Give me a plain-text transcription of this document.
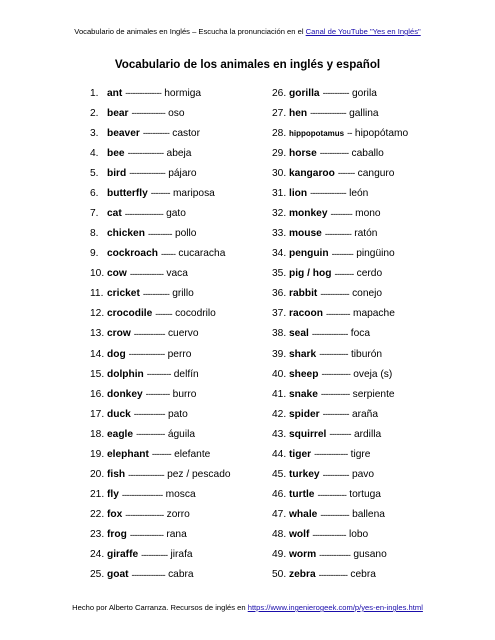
Vocabulario de animales en Inglés – Escucha la pronunciación en el Canal de YouTube "Yes en Inglés"
Vocabulario de los animales en inglés y español
1. ant --------------- hormiga
2. bear -------------- oso
3. beaver ----------- castor
4. bee --------------- abeja
5. bird --------------- pájaro
6. butterfly -------- mariposa
7. cat ---------------- gato
8. chicken ---------- pollo
9. cockroach ------ cucaracha
10. cow -------------- vaca
11. cricket ----------- grillo
12. crocodile ------- cocodrilo
13. crow ------------- cuervo
14. dog --------------- perro
15. dolphin ---------- delfín
16. donkey ---------- burro
17. duck ------------- pato
18. eagle ------------ águila
19. elephant -------- elefante
20. fish --------------- pez / pescado
21. fly ----------------- mosca
22. fox ---------------- zorro
23. frog -------------- rana
24. giraffe ----------- jirafa
25. goat -------------- cabra
26. gorilla ----------- gorila
27. hen --------------- gallina
28. hippopotamus -- hipopótamo
29. horse ------------ caballo
30. kangaroo ------- canguro
31. lion --------------- león
32. monkey --------- mono
33. mouse ----------- ratón
34. penguin --------- pingüino
35. pig / hog -------- cerdo
36. rabbit ------------ conejo
37. racoon ---------- mapache
38. seal --------------- foca
39. shark ------------ tiburón
40. sheep ------------ oveja (s)
41. snake ------------ serpiente
42. spider ----------- araña
43. squirrel --------- ardilla
44. tiger -------------- tigre
45. turkey ----------- pavo
46. turtle ------------ tortuga
47. whale ------------ ballena
48. wolf -------------- lobo
49. worm ------------- gusano
50. zebra ------------ cebra
Hecho por Alberto Carranza. Recursos de inglés en https://www.ingenierogeek.com/p/yes-en-ingles.html
